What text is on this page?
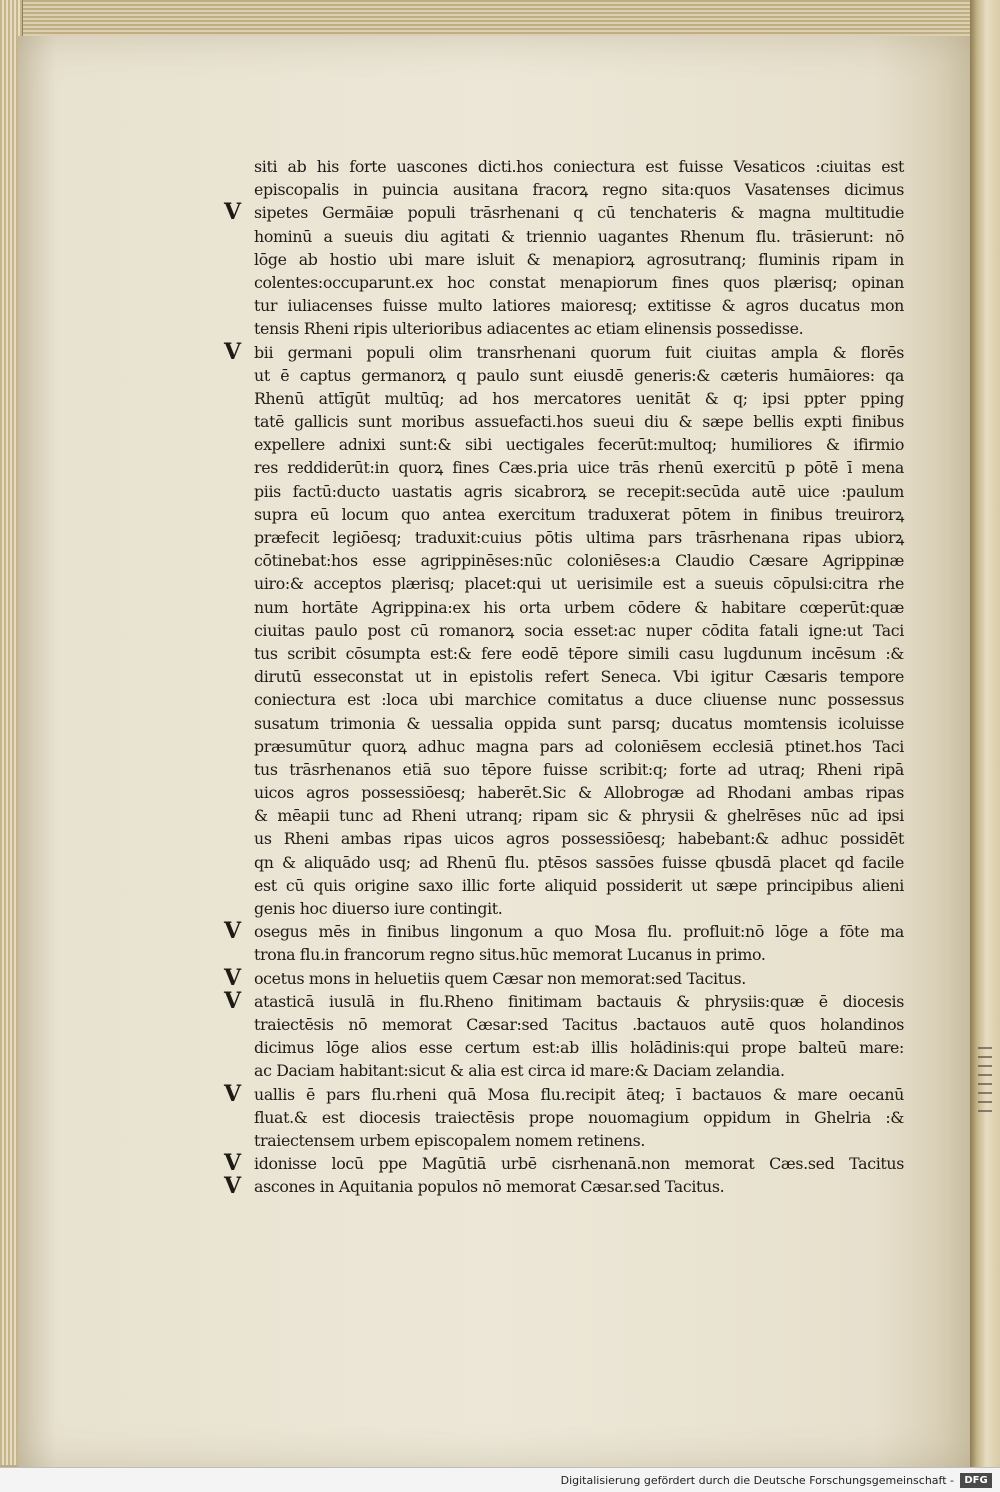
siti ab his forte uascones dicti.hos coniectura est fuisse Vesaticos :ciuitas est
episcopalis in puincia ausitana fracorꝝ regno sita:quos Vasatenses dicimus
V sipetes Germāiæ populi trāsrhenani q cū tenchateris & magna multitudie
hominū a sueuis diu agitati & triennio uagantes Rhenum flu. trāsierunt: nō
lōge ab hostio ubi mare isluit & menapiorꝝ agrosutranq; fluminis ripam in
colentes:occuparunt.ex hoc constat menapiorum fines quos plærisq; opinan
tur iuliacenses fuisse multo latiores maioresq; extitisse & agros ducatus mon
tensis Rheni ripis ulterioribus adiacentes ac etiam elinensis possedisse.
V bii germani populi olim transrhenani quorum fuit ciuitas ampla & florēs
ut ē captus germanorꝝ q paulo sunt eiusdē generis:& cæteris humāiores: qa
Rhenū attīgūt multūq; ad hos mercatores uenitāt & q; ipsi ppter pping
tatē gallicis sunt moribus assuefacti.hos sueui diu & sæpe bellis expti finibus
expellere adnixi sunt:& sibi uectigales fecerūt:multoq; humiliores & ifirmio
res reddiderūt:in quorꝝ fines Cæs.pria uice trās rhenū exercitū p pōtē ī mena
piis factū:ducto uastatis agris sicabrorꝝ se recepit:secūda autē uice :paulum
supra eū locum quo antea exercitum traduxerat pōtem in finibus treuirorꝝ
præfecit legiōesq; traduxit:cuius pōtis ultima pars trāsrhenana ripas ubiorꝝ
cōtinebat:hos esse agrippinēses:nūc coloniēses:a Claudio Cæsare Agrippinæ
uiro:& acceptos plærisq; placet:qui ut uerisimile est a sueuis cōpulsi:citra rhe
num hortāte Agrippina:ex his orta urbem cōdere & habitare cœperūt:quæ
ciuitas paulo post cū romanorꝝ socia esset:ac nuper cōdita fatali igne:ut Taci
tus scribit cōsumpta est:& fere eodē tēpore simili casu lugdunum incēsum :&
dirutū esseconstat ut in epistolis refert Seneca. Vbi igitur Cæsaris tempore
coniectura est :loca ubi marchice comitatus a duce cliuense nunc possessus
susatum trimonia & uessalia oppida sunt parsq; ducatus momtensis icoluisse
præsumūtur quorꝝ adhuc magna pars ad coloniēsem ecclesiā ptinet.hos Taci
tus trāsrhenanos etiā suo tēpore fuisse scribit:q; forte ad utraq; Rheni ripā
uicos agros possessiōesq; haberēt.Sic & Allobrogæ ad Rhodani ambas ripas
& mēapii tunc ad Rheni utranq; ripam sic & phrysii & ghelrēses nūc ad ipsi
us Rheni ambas ripas uicos agros possessiōesq; habebant:& adhuc possidēt
qn & aliquādo usq; ad Rhenū flu. ptēsos sassōes fuisse qbusdā placet qd facile
est cū quis origine saxo illic forte aliquid possiderit ut sæpe principibus alieni
genis hoc diuerso iure contingit.
V osegus mēs in finibus lingonum a quo Mosa flu. profluit:nō lōge a fōte ma
trona flu.in francorum regno situs.hūc memorat Lucanus in primo.
V ocetus mons in heluetiis quem Cæsar non memorat:sed Tacitus.
V atasticā iusulā in flu.Rheno finitimam bactauis & phrysiis:quæ ē diocesis
traiectēsis nō memorat Cæsar:sed Tacitus .bactauos autē quos holandinos
dicimus lōge alios esse certum est:ab illis holādinis:qui prope balteū mare:
ac Daciam habitant:sicut & alia est circa id mare:& Daciam zelandia.
V uallis ē pars flu.rheni quā Mosa flu.recipit āteq; ī bactauos & mare oecanū
fluat.& est diocesis traiectēsis prope nouomagium oppidum in Ghelria :&
traiectensem urbem episcopalem nomem retinens.
V idonisse locū ppe Magūtiā urbē cisrhenanā.non memorat Cæs.sed Tacitus
V ascones in Aquitania populos nō memorat Cæsar.sed Tacitus.
Digitalisierung gefördert durch die Deutsche Forschungsgemeinschaft -	DFG
